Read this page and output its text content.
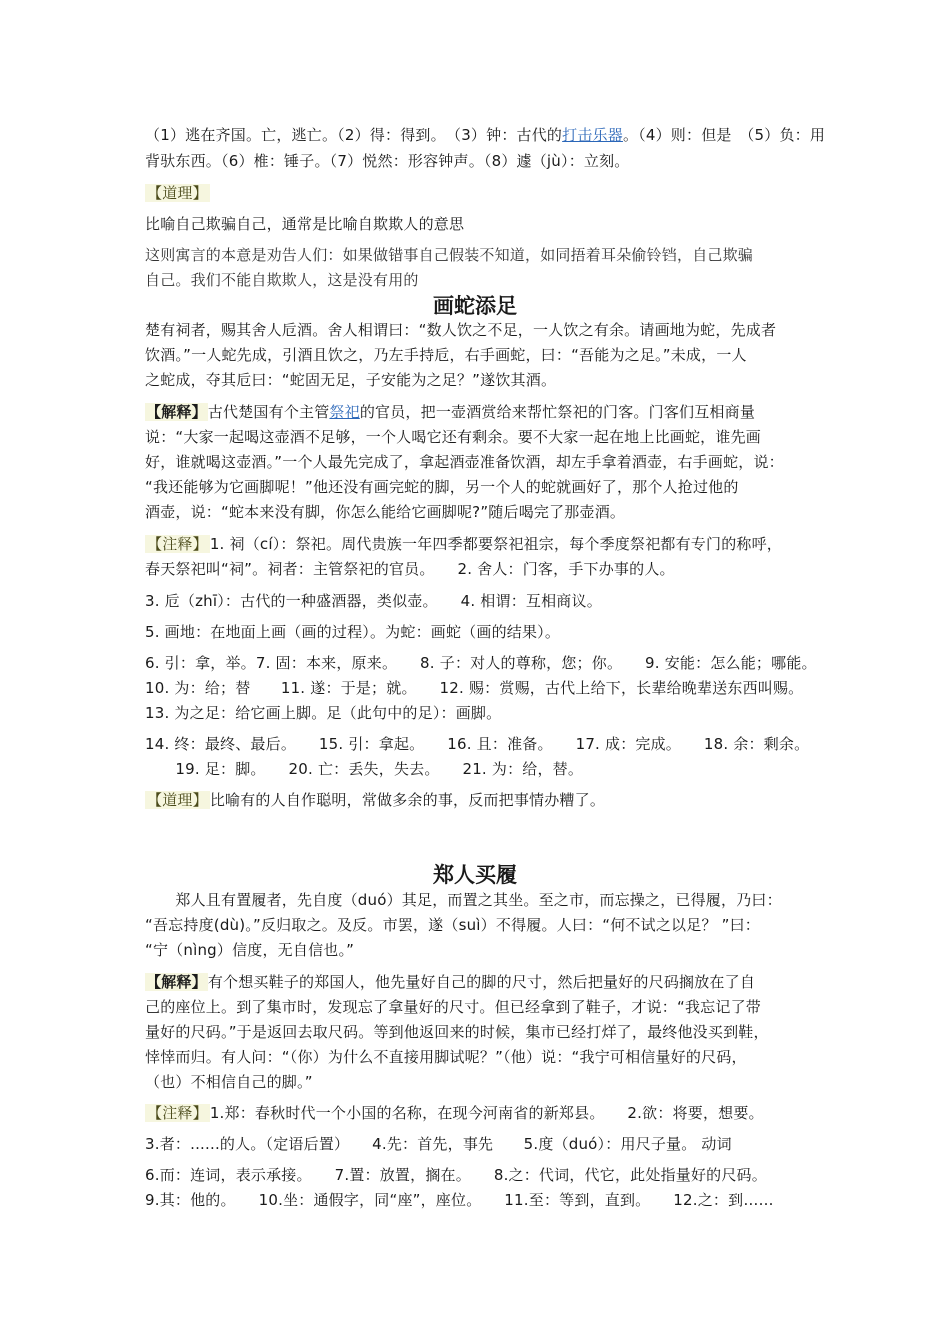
（1）逃在齐国。亡，逃亡。（2）得：得到。　（3）钟：古代的打击乐器。（4）则：但是　（5）负：用
背驮东西。（6）椎：锤子。（7）悦然：形容钟声。（8）遽（jù）：立刻。
【道理】
比喻自己欺骗自己，通常是比喻自欺欺人的意思
这则寓言的本意是劝告人们：如果做错事自己假装不知道，如同捂着耳朵偷铃铛，自己欺骗
自己。我们不能自欺欺人，这是没有用的
画蛇添足
楚有祠者，赐其舍人卮酒。舍人相谓曰：“数人饮之不足，一人饮之有余。请画地为蛇，先成者
饮酒。”一人蛇先成，引酒且饮之，乃左手持卮，右手画蛇，曰：“吾能为之足。”未成，一人
之蛇成，夺其卮曰：“蛇固无足，子安能为之足？”遂饮其酒。
【解释】古代楚国有个主管祭祀的官员，把一壶酒赏给来帮忙祭祀的门客。门客们互相商量
说：“大家一起喝这壶酒不足够，一个人喝它还有剩余。要不大家一起在地上比画蛇，谁先画
好，谁就喝这壶酒。”一个人最先完成了，拿起酒壶准备饮酒，却左手拿着酒壶，右手画蛇，说：
“我还能够为它画脚呢！”他还没有画完蛇的脚，另一个人的蛇就画好了，那个人抢过他的
酒壶，说：“蛇本来没有脚，你怎么能给它画脚呢?”随后喝完了那壶酒。
【注释】 1. 祠（cí）：祭祀。周代贵族一年四季都要祭祀祖宗，每个季度祭祀都有专门的称呼，
春天祭祀叫“祠”。祠者：主管祭祀的官员。　　2. 舍人：门客，手下办事的人。
3. 卮（zhī）：古代的一种盛酒器，类似壶。　　4. 相谓：互相商议。
5. 画地：在地面上画（画的过程）。为蛇：画蛇（画的结果）。
6. 引：拿，举。7. 固：本来，原来。　　8. 子：对人的尊称，您；你。　　9. 安能：怎么能；哪能。
10. 为：给；替　　11. 遂：于是；就。　　12. 赐：赏赐，古代上给下，长辈给晚辈送东西叫赐。
13. 为之足：给它画上脚。足（此句中的足）：画脚。
14. 终：最终、最后。　　15. 引：拿起。　　16. 且：准备。　　17. 成：完成。　　18. 余：剩余。
　　19. 足：脚。　　20. 亡：丢失，失去。　　21. 为：给，替。
【道理】 比喻有的人自作聪明，常做多余的事，反而把事情办糟了。
郑人买履
　　郑人且有置履者，先自度（duó）其足，而置之其坐。至之市，而忘操之，已得履，乃曰：
“吾忘持度(dù)。”反归取之。及反。市罢，遂（suì）不得履。人曰：“何不试之以足？ ”曰：
“宁（nìng）信度，无自信也。”
【解释】有个想买鞋子的郑国人，他先量好自己的脚的尺寸，然后把量好的尺码搁放在了自
己的座位上。到了集市时，发现忘了拿量好的尺寸。但已经拿到了鞋子，才说：“我忘记了带
量好的尺码。”于是返回去取尺码。等到他返回来的时候，集市已经打烊了，最终他没买到鞋，
悻悻而归。有人问：“（你）为什么不直接用脚试呢？”（他）说：“我宁可相信量好的尺码，
（也）不相信自己的脚。”
【注释】 1.郑：春秋时代一个小国的名称，在现今河南省的新郑县。　　2.欲：将要，想要。
3.者：......的人。（定语后置）　　4.先：首先，事先　　5.度（duó）：用尺子量。 动词
6.而：连词，表示承接。　　7.置：放置，搁在。　　8.之：代词，代它，此处指量好的尺码。
9.其：他的。　　10.坐：通假字，同“座”，座位。　　11.至：等到，直到。　　12.之：到……
